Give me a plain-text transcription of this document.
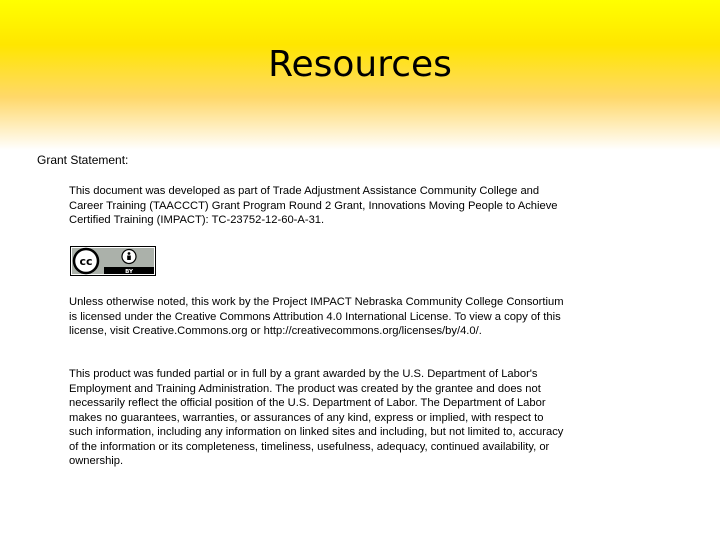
Resources
Grant Statement:
This document was developed as part of Trade Adjustment Assistance Community College and Career Training (TAACCCT) Grant Program Round 2 Grant, Innovations Moving People to Achieve Certified Training (IMPACT): TC-23752-12-60-A-31.
cc
BY
Unless otherwise noted, this work by the Project IMPACT Nebraska Community College Consortium is licensed under the Creative Commons Attribution 4.0 International License. To view a copy of this license, visit Creative.Commons.org or http://creativecommons.org/licenses/by/4.0/.
This product was funded partial or in full by a grant awarded by the U.S. Department of Labor's Employment and Training Administration. The product was created by the grantee and does not necessarily reflect the official position of the U.S. Department of Labor. The Department of Labor makes no guarantees, warranties, or assurances of any kind, express or implied, with respect to such information, including any information on linked sites and including, but not limited to, accuracy of the information or its completeness, timeliness, usefulness, adequacy, continued availability, or ownership.
